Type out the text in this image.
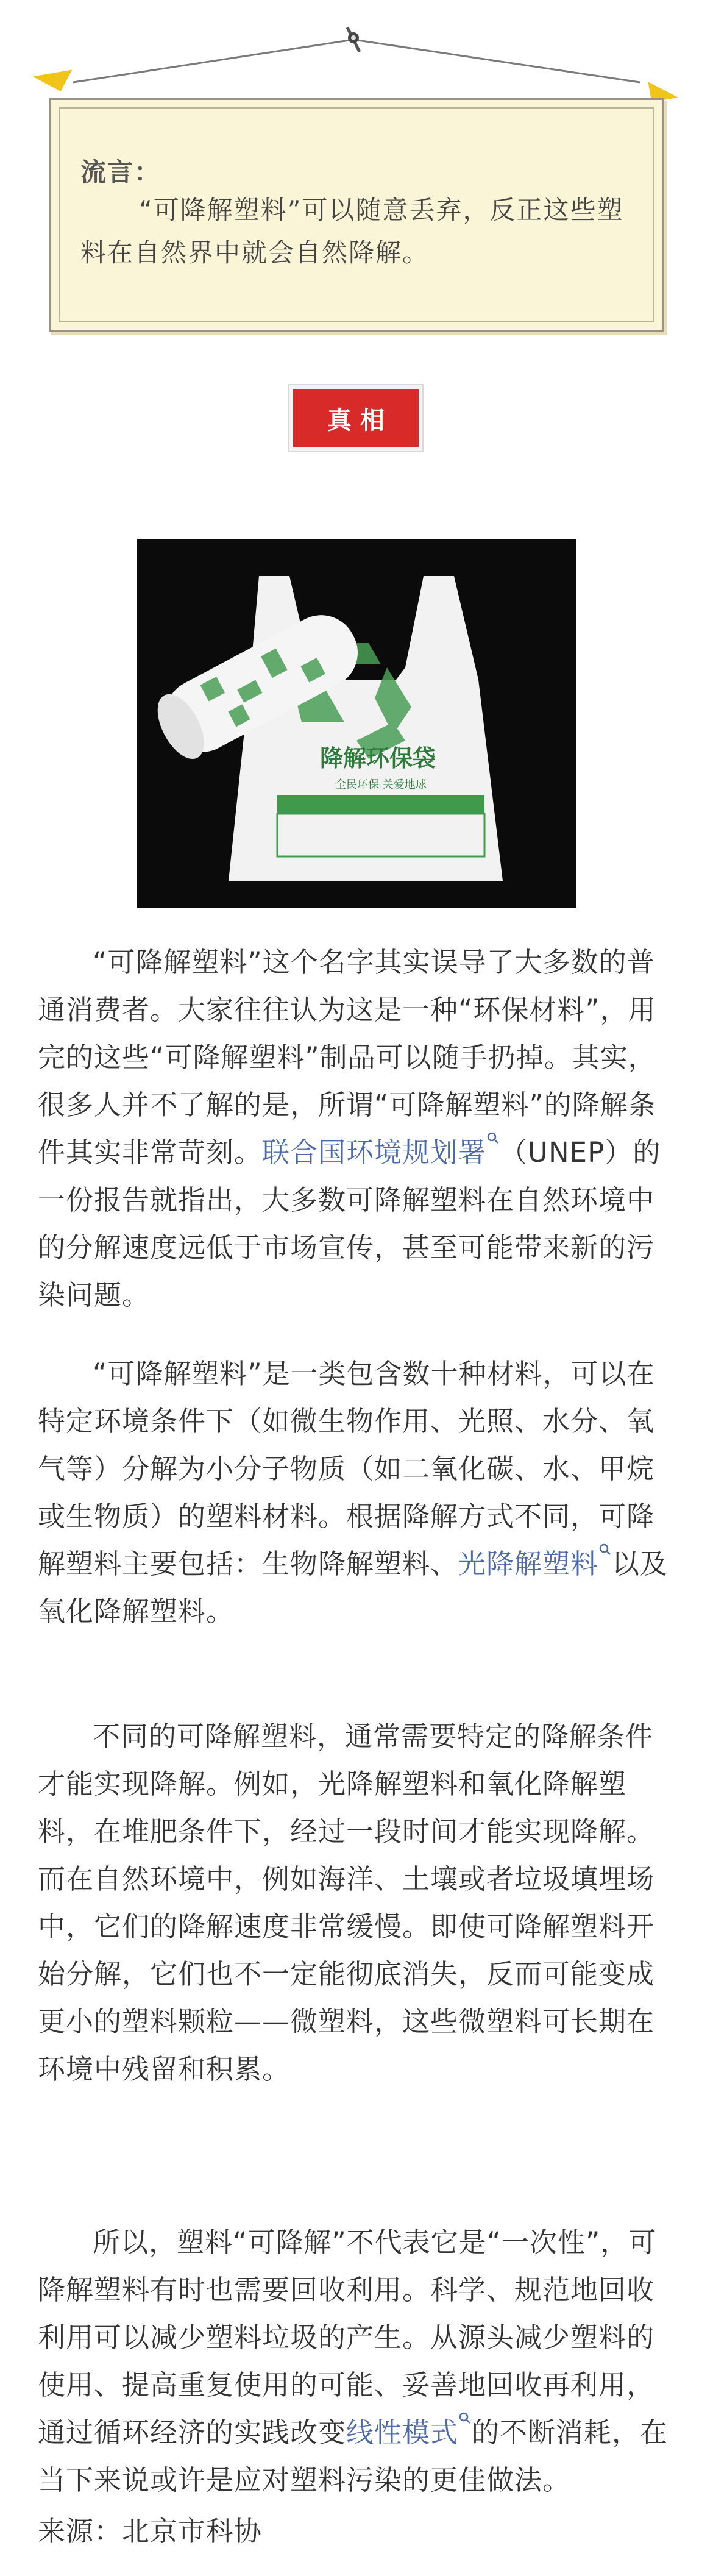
流言：
“可降解塑料”可以随意丢弃，反正这些塑料在自然界中就会自然降解。
真相
降解环保袋
全民环保 关爱地球
“可降解塑料”这个名字其实误导了大多数的普通消费者。大家往往认为这是一种“环保材料”，用完的这些“可降解塑料”制品可以随手扔掉。其实，很多人并不了解的是，所谓“可降解塑料”的降解条件其实非常苛刻。联合国环境规划署 （UNEP）的一份报告就指出，大多数可降解塑料在自然环境中的分解速度远低于市场宣传，甚至可能带来新的污染问题。
“可降解塑料”是一类包含数十种材料，可以在特定环境条件下（如微生物作用、光照、水分、氧气等）分解为小分子物质（如二氧化碳、水、甲烷或生物质）的塑料材料。根据降解方式不同，可降解塑料主要包括：生物降解塑料、光降解塑料 以及氧化降解塑料。
不同的可降解塑料，通常需要特定的降解条件才能实现降解。例如，光降解塑料和氧化降解塑料，在堆肥条件下，经过一段时间才能实现降解。而在自然环境中，例如海洋、土壤或者垃圾填埋场中，它们的降解速度非常缓慢。即使可降解塑料开始分解，它们也不一定能彻底消失，反而可能变成更小的塑料颗粒——微塑料，这些微塑料可长期在环境中残留和积累。
所以，塑料“可降解”不代表它是“一次性”，可降解塑料有时也需要回收利用。科学、规范地回收利用可以减少塑料垃圾的产生。从源头减少塑料的使用、提高重复使用的可能、妥善地回收再利用，通过循环经济的实践改变线性模式 的不断消耗，在当下来说或许是应对塑料污染的更佳做法。
来源：北京市科协
